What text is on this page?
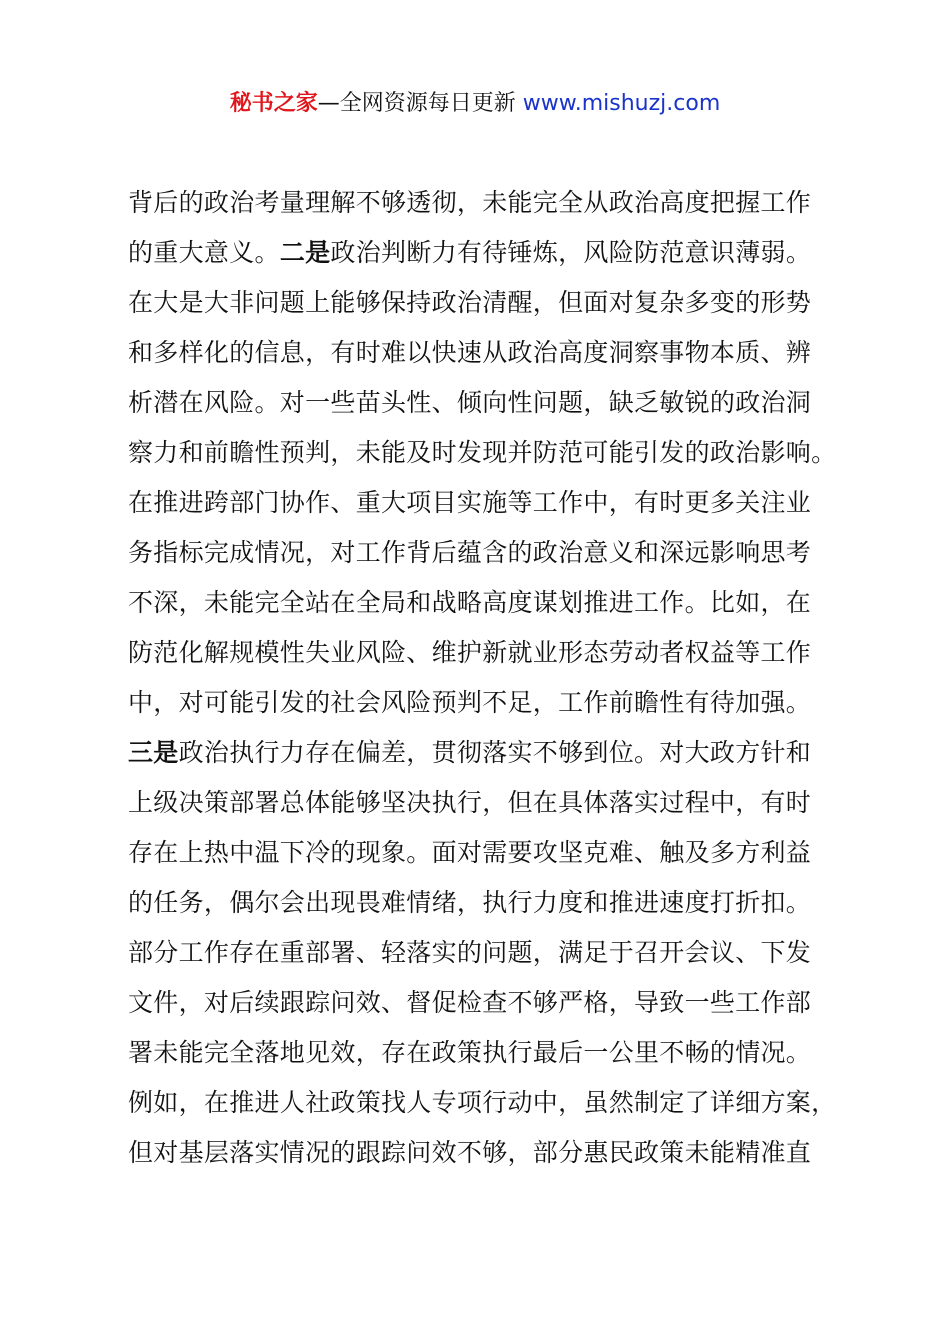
秘书之家—全网资源每日更新 www.mishuzj.com
背后的政治考量理解不够透彻，未能完全从政治高度把握工作
的重大意义。二是政治判断力有待锤炼，风险防范意识薄弱。
在大是大非问题上能够保持政治清醒，但面对复杂多变的形势
和多样化的信息，有时难以快速从政治高度洞察事物本质、辨
析潜在风险。对一些苗头性、倾向性问题，缺乏敏锐的政治洞
察力和前瞻性预判，未能及时发现并防范可能引发的政治影响。
在推进跨部门协作、重大项目实施等工作中，有时更多关注业
务指标完成情况，对工作背后蕴含的政治意义和深远影响思考
不深，未能完全站在全局和战略高度谋划推进工作。比如，在
防范化解规模性失业风险、维护新就业形态劳动者权益等工作
中，对可能引发的社会风险预判不足，工作前瞻性有待加强。
三是政治执行力存在偏差，贯彻落实不够到位。对大政方针和
上级决策部署总体能够坚决执行，但在具体落实过程中，有时
存在上热中温下冷的现象。面对需要攻坚克难、触及多方利益
的任务，偶尔会出现畏难情绪，执行力度和推进速度打折扣。
部分工作存在重部署、轻落实的问题，满足于召开会议、下发
文件，对后续跟踪问效、督促检查不够严格，导致一些工作部
署未能完全落地见效，存在政策执行最后一公里不畅的情况。
例如，在推进人社政策找人专项行动中，虽然制定了详细方案，
但对基层落实情况的跟踪问效不够，部分惠民政策未能精准直
